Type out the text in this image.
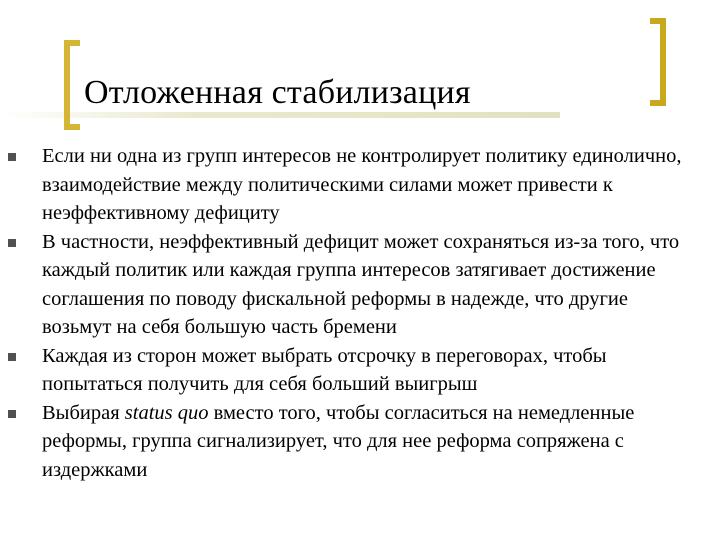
Отложенная стабилизация
Если ни одна из групп интересов не контролирует политику единолично, взаимодействие между политическими силами может привести к неэффективному дефициту
В частности, неэффективный дефицит может сохраняться из-за того, что каждый политик или каждая группа интересов затягивает достижение соглашения по поводу фискальной реформы в надежде, что другие возьмут на себя большую часть бремени
Каждая из сторон может выбрать отсрочку в переговорах, чтобы попытаться получить для себя больший выигрыш
Выбирая status quo вместо того, чтобы согласиться на немедленные реформы, группа сигнализирует, что для нее реформа сопряжена с издержками
